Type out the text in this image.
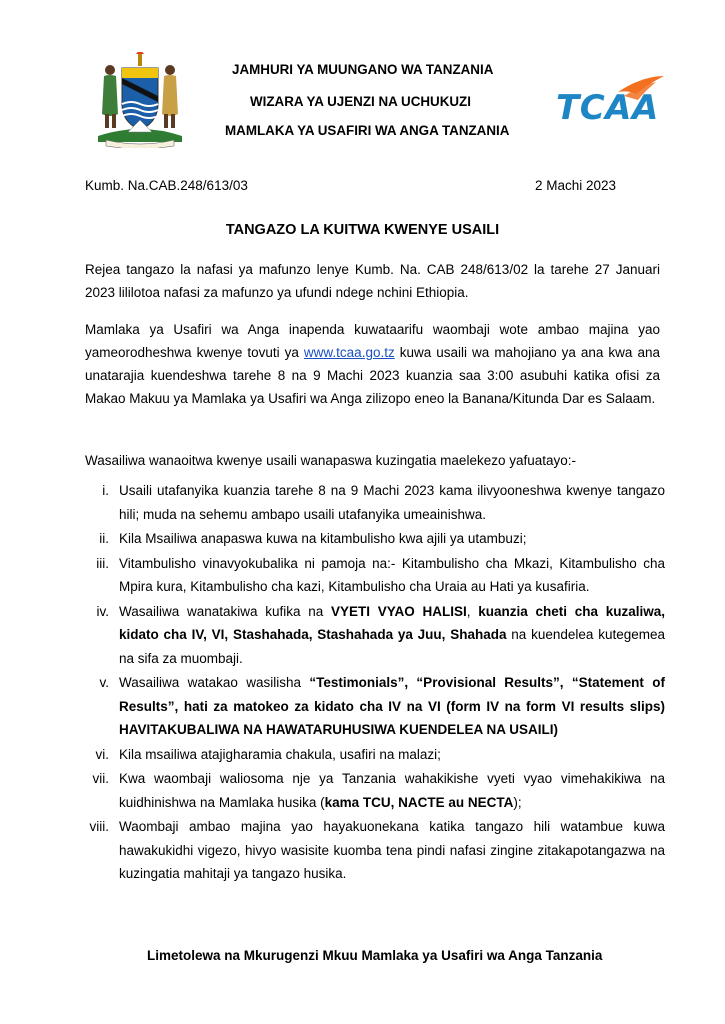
JAMHURI YA MUUNGANO WA TANZANIA
WIZARA YA UJENZI NA UCHUKUZI
MAMLAKA YA USAFIRI WA ANGA TANZANIA
TCAA
Kumb. Na.CAB.248/613/03	2 Machi 2023
TANGAZO LA KUITWA KWENYE USAILI
Rejea tangazo la nafasi ya mafunzo lenye Kumb. Na. CAB 248/613/02 la tarehe 27 Januari 2023 lililotoa nafasi za mafunzo ya ufundi ndege nchini Ethiopia.
Mamlaka ya Usafiri wa Anga inapenda kuwataarifu waombaji wote ambao majina yao yameorodheshwa kwenye tovuti ya www.tcaa.go.tz kuwa usaili wa mahojiano ya ana kwa ana unatarajia kuendeshwa tarehe 8 na 9 Machi 2023 kuanzia saa 3:00 asubuhi katika ofisi za Makao Makuu ya Mamlaka ya Usafiri wa Anga zilizopo eneo la Banana/Kitunda Dar es Salaam.
Wasailiwa wanaoitwa kwenye usaili wanapaswa kuzingatia maelekezo yafuatayo:-
i. Usaili utafanyika kuanzia tarehe 8 na 9 Machi 2023 kama ilivyooneshwa kwenye tangazo hili; muda na sehemu ambapo usaili utafanyika umeainishwa.
ii. Kila Msailiwa anapaswa kuwa na kitambulisho kwa ajili ya utambuzi;
iii. Vitambulisho vinavyokubalika ni pamoja na:- Kitambulisho cha Mkazi, Kitambulisho cha Mpira kura, Kitambulisho cha kazi, Kitambulisho cha Uraia au Hati ya kusafiria.
iv. Wasailiwa wanatakiwa kufika na VYETI VYAO HALISI, kuanzia cheti cha kuzaliwa, kidato cha IV, VI, Stashahada, Stashahada ya Juu, Shahada na kuendelea kutegemea na sifa za muombaji.
v. Wasailiwa watakao wasilisha “Testimonials”, “Provisional Results”, “Statement of Results”, hati za matokeo za kidato cha IV na VI (form IV na form VI results slips) HAVITAKUBALIWA NA HAWATARUHUSIWA KUENDELEA NA USAILI)
vi. Kila msailiwa atajigharamia chakula, usafiri na malazi;
vii. Kwa waombaji waliosoma nje ya Tanzania wahakikishe vyeti vyao vimehakikiwa na kuidhinishwa na Mamlaka husika (kama TCU, NACTE au NECTA);
viii. Waombaji ambao majina yao hayakuonekana katika tangazo hili watambue kuwa hawakukidhi vigezo, hivyo wasisite kuomba tena pindi nafasi zingine zitakapotangazwa na kuzingatia mahitaji ya tangazo husika.
Limetolewa na Mkurugenzi Mkuu Mamlaka ya Usafiri wa Anga Tanzania
